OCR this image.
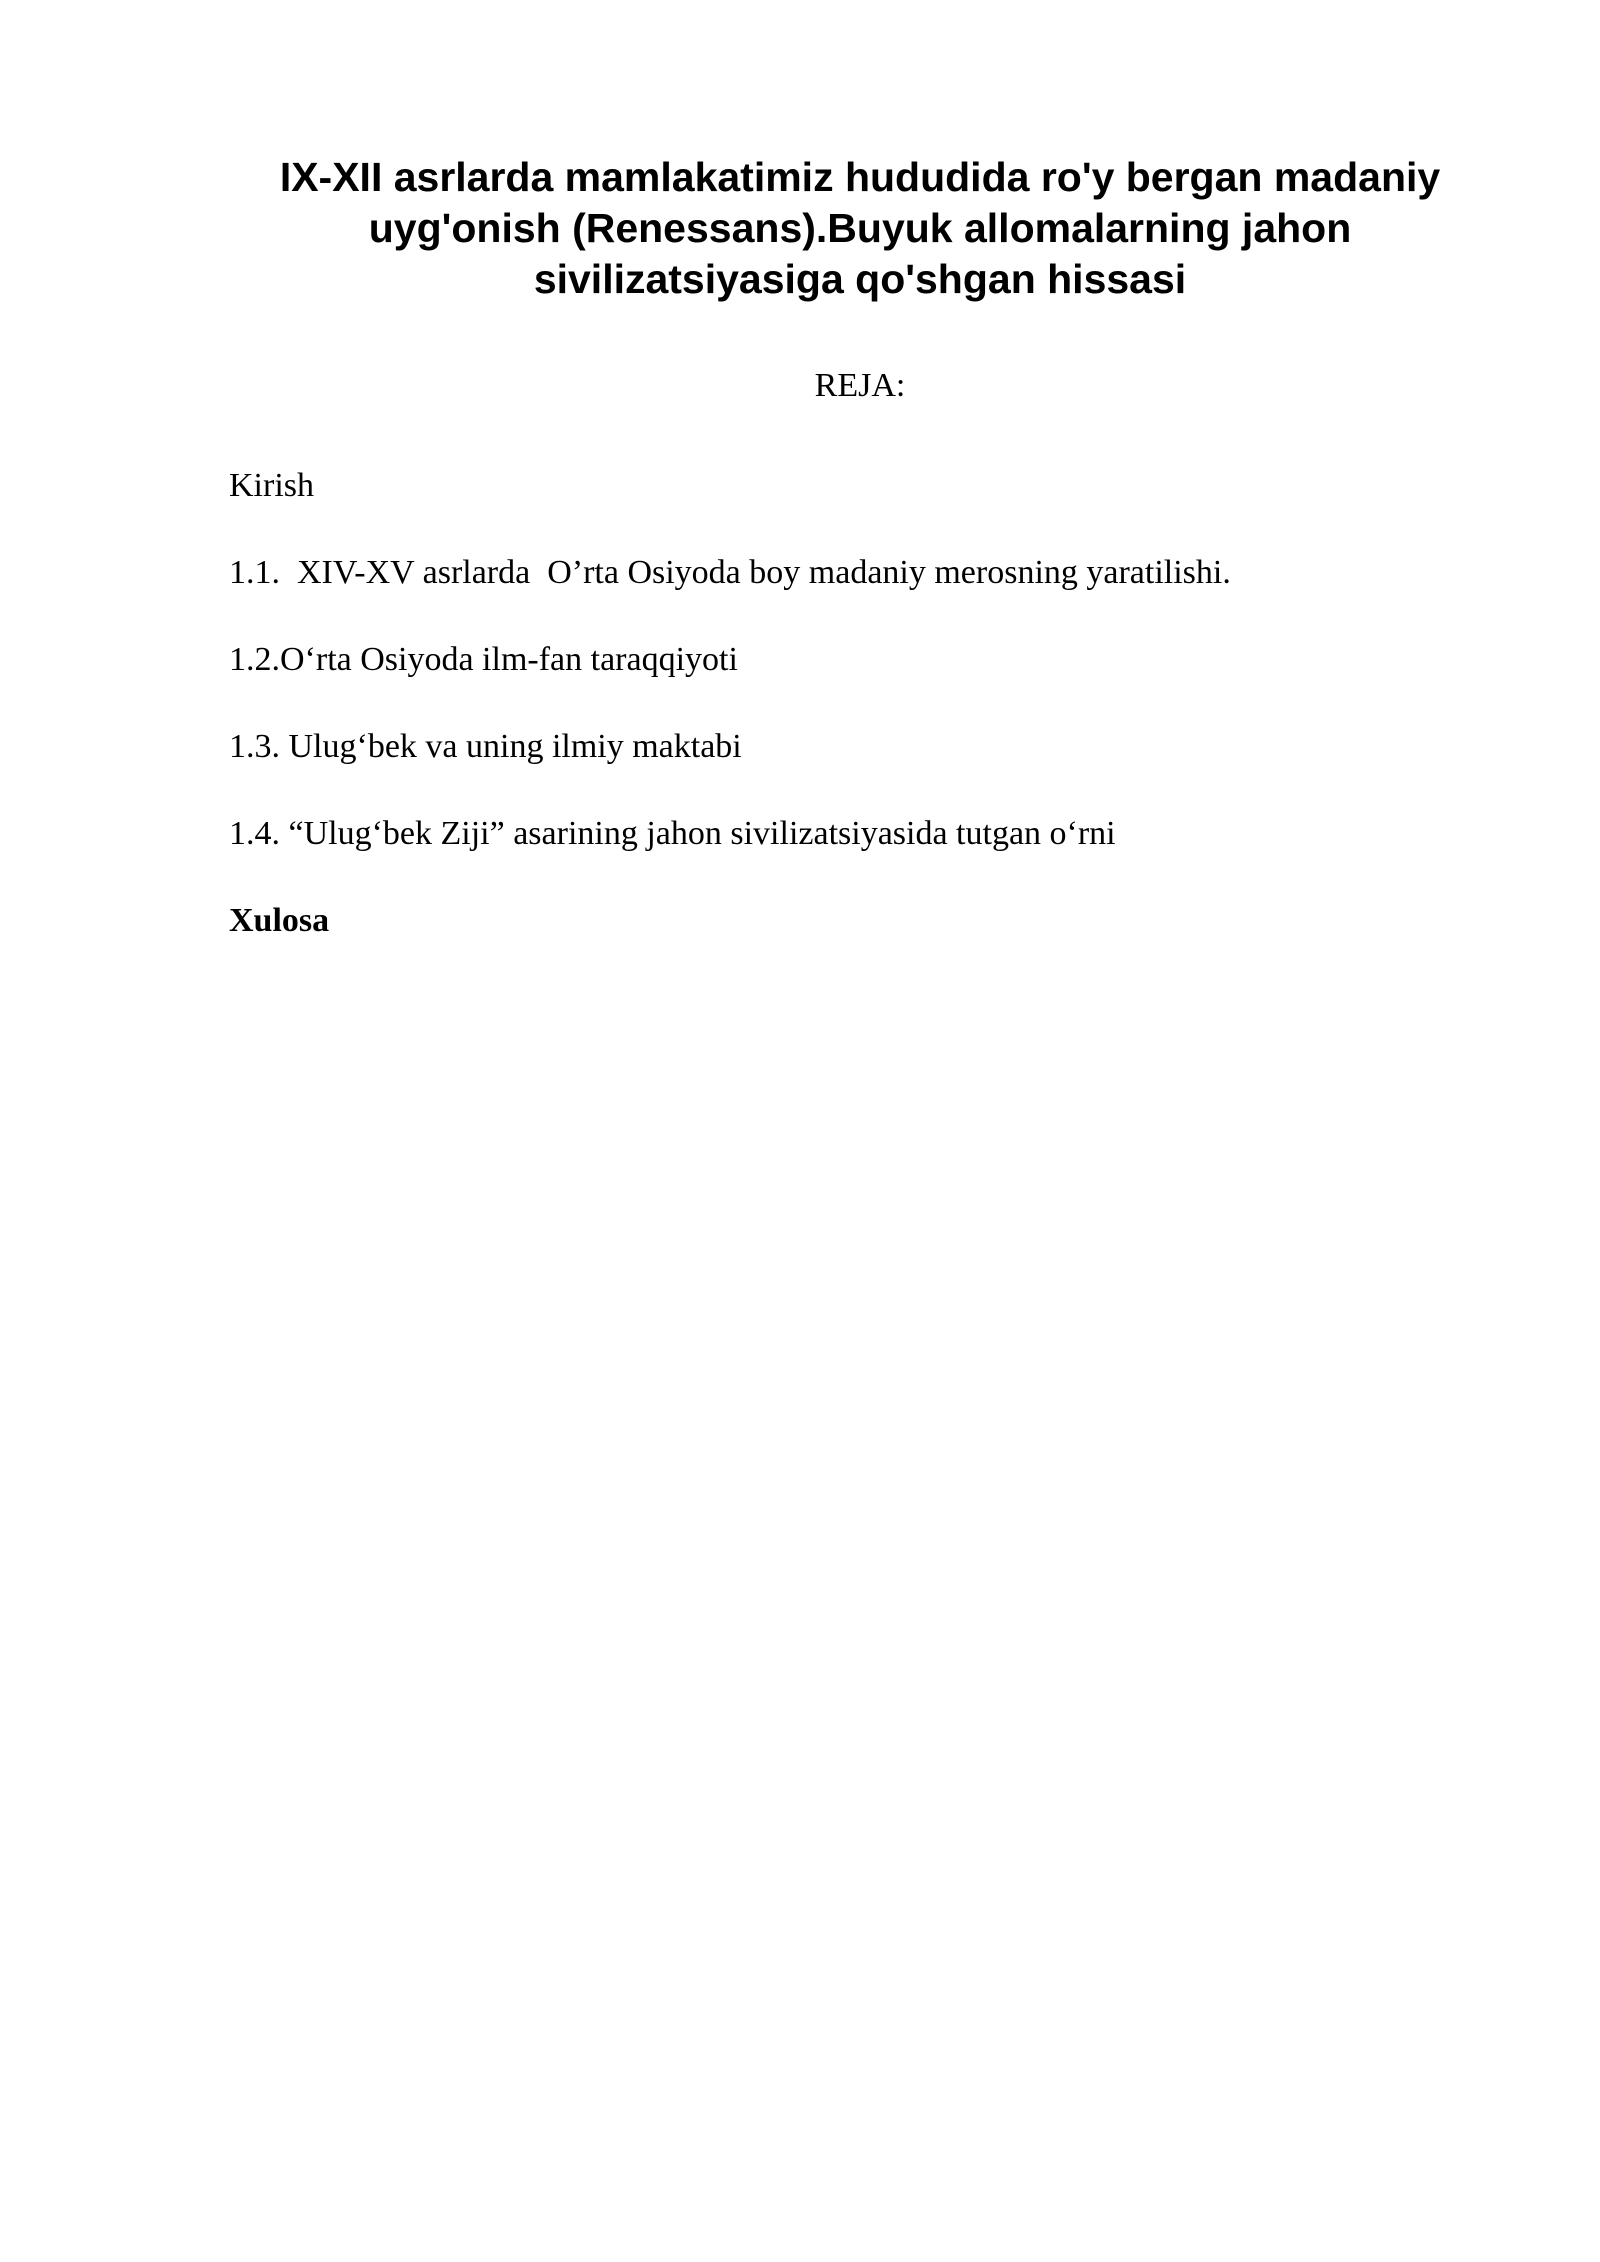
IX-XII asrlarda mamlakatimiz hududida ro'y bergan madaniy
uyg'onish (Renessans).Buyuk allomalarning jahon
sivilizatsiyasiga qo'shgan hissasi
REJA:
Kirish
1.1.  XIV-XV asrlarda  O’rta Osiyoda boy madaniy merosning yaratilishi.
1.2.O‘rta Osiyoda ilm-fan taraqqiyoti
1.3. Ulug‘bek va uning ilmiy maktabi
1.4. “Ulug‘bek Ziji” asarining jahon sivilizatsiyasida tutgan o‘rni
Xulosa
